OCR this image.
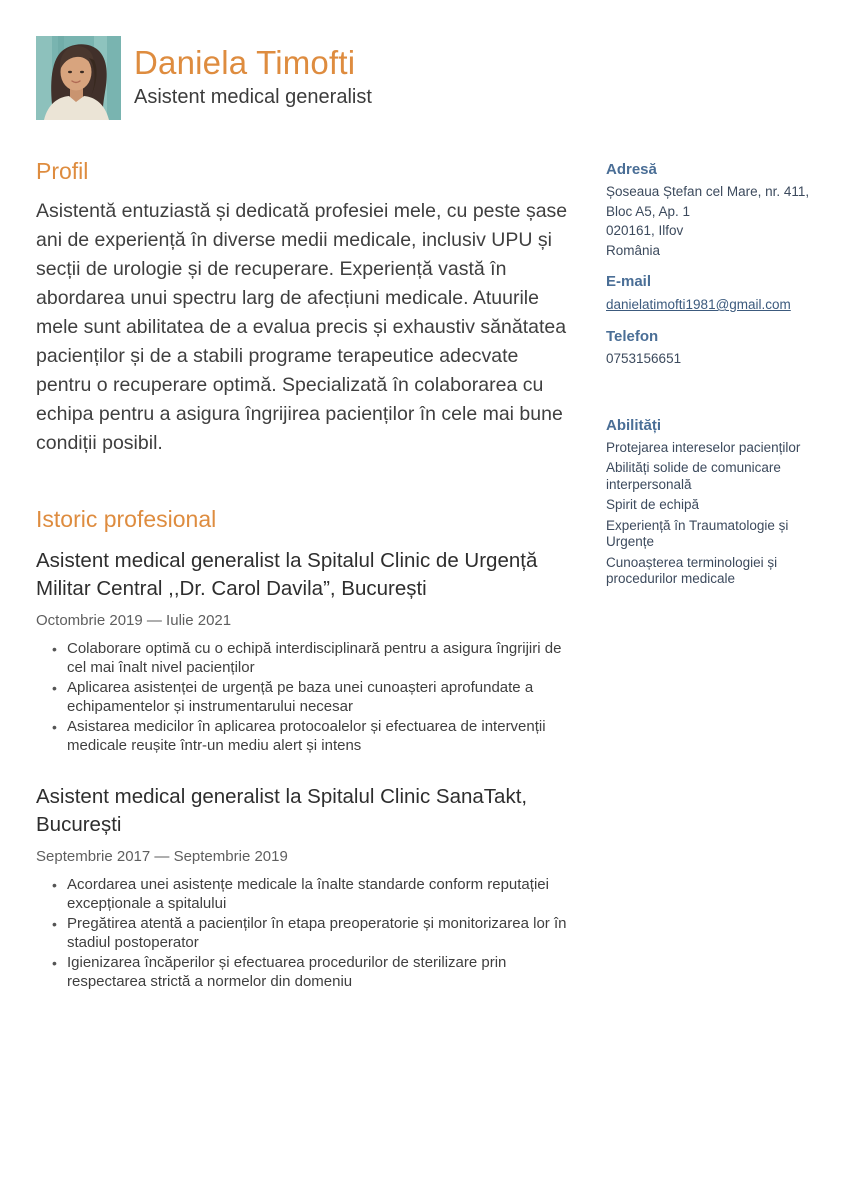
Daniela Timofti
Asistent medical generalist
Profil
Asistentă entuziastă și dedicată profesiei mele, cu peste șase ani de experiență în diverse medii medicale, inclusiv UPU și secții de urologie și de recuperare. Experiență vastă în abordarea unui spectru larg de afecțiuni medicale. Atuurile mele sunt abilitatea de a evalua precis și exhaustiv sănătatea pacienților și de a stabili programe terapeutice adecvate pentru o recuperare optimă. Specializată în colaborarea cu echipa pentru a asigura îngrijirea pacienților în cele mai bune condiții posibil.
Istoric profesional
Asistent medical generalist la Spitalul Clinic de Urgență Militar Central ,,Dr. Carol Davila”, București
Octombrie 2019 — Iulie 2021
• Colaborare optimă cu o echipă interdisciplinară pentru a asigura îngrijiri de cel mai înalt nivel pacienților
• Aplicarea asistenței de urgență pe baza unei cunoașteri aprofundate a echipamentelor și instrumentarului necesar
• Asistarea medicilor în aplicarea protocoalelor și efectuarea de intervenții medicale reușite într-un mediu alert și intens
Asistent medical generalist la Spitalul Clinic SanaTakt, București
Septembrie 2017 — Septembrie 2019
• Acordarea unei asistențe medicale la înalte standarde conform reputației excepționale a spitalului
• Pregătirea atentă a pacienților în etapa preoperatorie și monitorizarea lor în stadiul postoperator
• Igienizarea încăperilor și efectuarea procedurilor de sterilizare prin respectarea strictă a normelor din domeniu
Adresă
Șoseaua Ștefan cel Mare, nr. 411,
Bloc A5, Ap. 1
020161, Ilfov
România
E-mail
danielatimofti1981@gmail.com
Telefon
0753156651
Abilități
Protejarea intereselor pacienților
Abilități solide de comunicare interpersonală
Spirit de echipă
Experiență în Traumatologie și Urgențe
Cunoașterea terminologiei și procedurilor medicale
